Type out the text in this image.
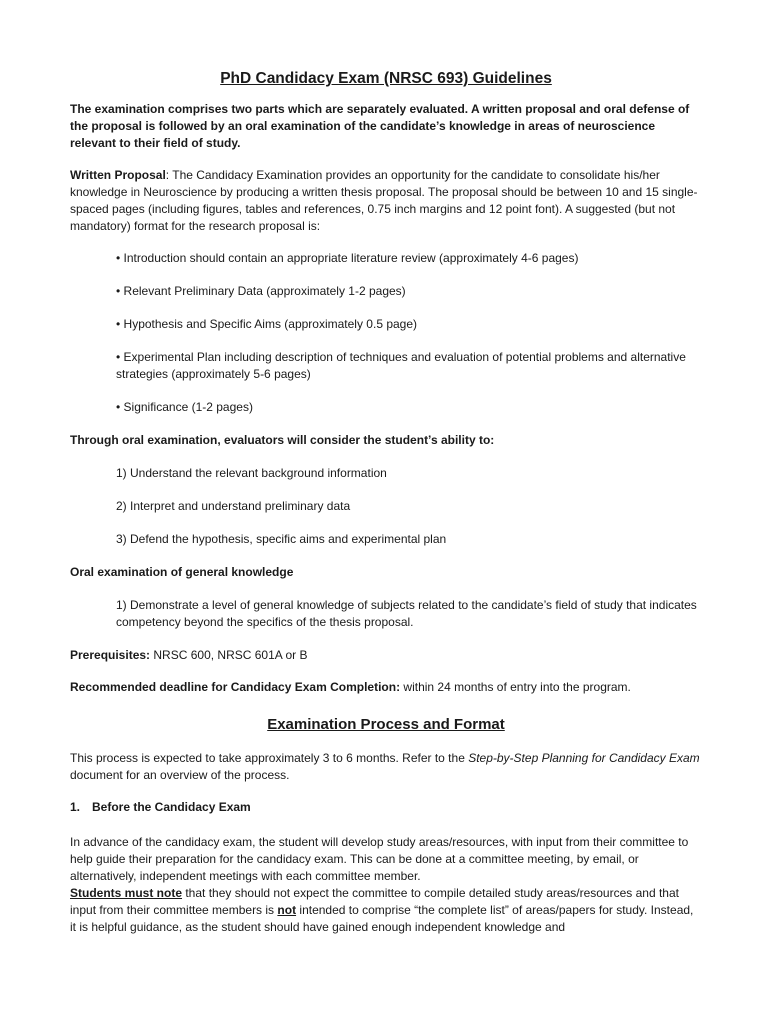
PhD Candidacy Exam (NRSC 693) Guidelines

The examination comprises two parts which are separately evaluated. A written proposal and oral defense of the proposal is followed by an oral examination of the candidate’s knowledge in areas of neuroscience relevant to their field of study.

Written Proposal: The Candidacy Examination provides an opportunity for the candidate to consolidate his/her knowledge in Neuroscience by producing a written thesis proposal. The proposal should be between 10 and 15 single-spaced pages (including figures, tables and references, 0.75 inch margins and 12 point font). A suggested (but not mandatory) format for the research proposal is:

• Introduction should contain an appropriate literature review (approximately 4-6 pages)

• Relevant Preliminary Data (approximately 1-2 pages)

• Hypothesis and Specific Aims (approximately 0.5 page)

• Experimental Plan including description of techniques and evaluation of potential problems and alternative strategies (approximately 5-6 pages)

• Significance (1-2 pages)

Through oral examination, evaluators will consider the student’s ability to:

1) Understand the relevant background information

2) Interpret and understand preliminary data

3) Defend the hypothesis, specific aims and experimental plan

Oral examination of general knowledge

1) Demonstrate a level of general knowledge of subjects related to the candidate’s field of study that indicates competency beyond the specifics of the thesis proposal.

Prerequisites: NRSC 600, NRSC 601A or B

Recommended deadline for Candidacy Exam Completion: within 24 months of entry into the program.

Examination Process and Format

This process is expected to take approximately 3 to 6 months. Refer to the Step-by-Step Planning for Candidacy Exam document for an overview of the process.

1. Before the Candidacy Exam

In advance of the candidacy exam, the student will develop study areas/resources, with input from their committee to help guide their preparation for the candidacy exam. This can be done at a committee meeting, by email, or alternatively, independent meetings with each committee member.

Students must note that they should not expect the committee to compile detailed study areas/resources and that input from their committee members is not intended to comprise “the complete list” of areas/papers for study. Instead, it is helpful guidance, as the student should have gained enough independent knowledge and
